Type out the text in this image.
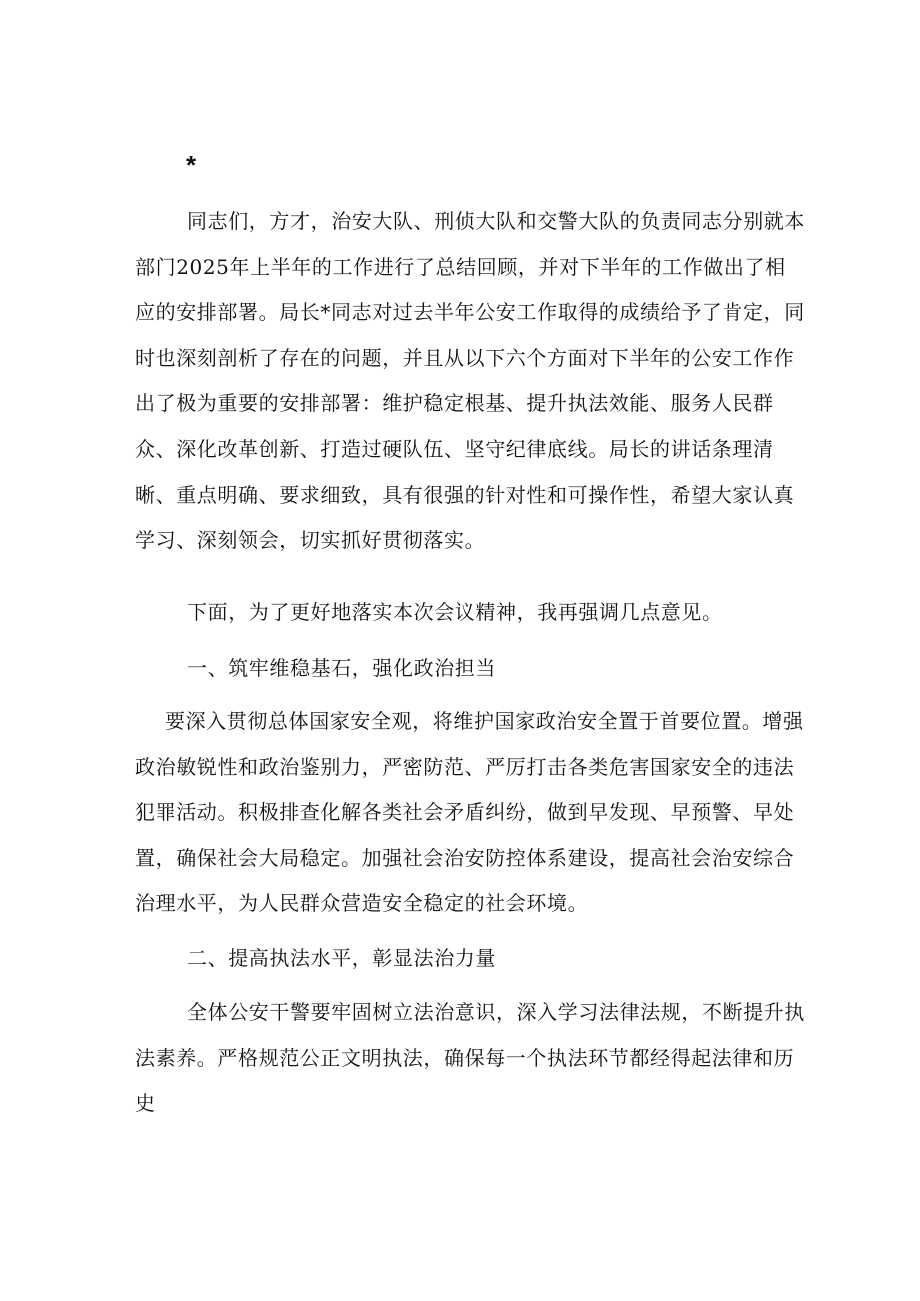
*

同志们，方才，治安大队、刑侦大队和交警大队的负责同志分别就本部门2025年上半年的工作进行了总结回顾，并对下半年的工作做出了相应的安排部署。局长*同志对过去半年公安工作取得的成绩给予了肯定，同时也深刻剖析了存在的问题，并且从以下六个方面对下半年的公安工作作出了极为重要的安排部署：维护稳定根基、提升执法效能、服务人民群众、深化改革创新、打造过硬队伍、坚守纪律底线。局长的讲话条理清晰、重点明确、要求细致，具有很强的针对性和可操作性，希望大家认真学习、深刻领会，切实抓好贯彻落实。

下面，为了更好地落实本次会议精神，我再强调几点意见。

一、筑牢维稳基石，强化政治担当

要深入贯彻总体国家安全观，将维护国家政治安全置于首要位置。增强政治敏锐性和政治鉴别力，严密防范、严厉打击各类危害国家安全的违法犯罪活动。积极排查化解各类社会矛盾纠纷，做到早发现、早预警、早处置，确保社会大局稳定。加强社会治安防控体系建设，提高社会治安综合治理水平，为人民群众营造安全稳定的社会环境。

二、提高执法水平，彰显法治力量

全体公安干警要牢固树立法治意识，深入学习法律法规，不断提升执法素养。严格规范公正文明执法，确保每一个执法环节都经得起法律和历史
